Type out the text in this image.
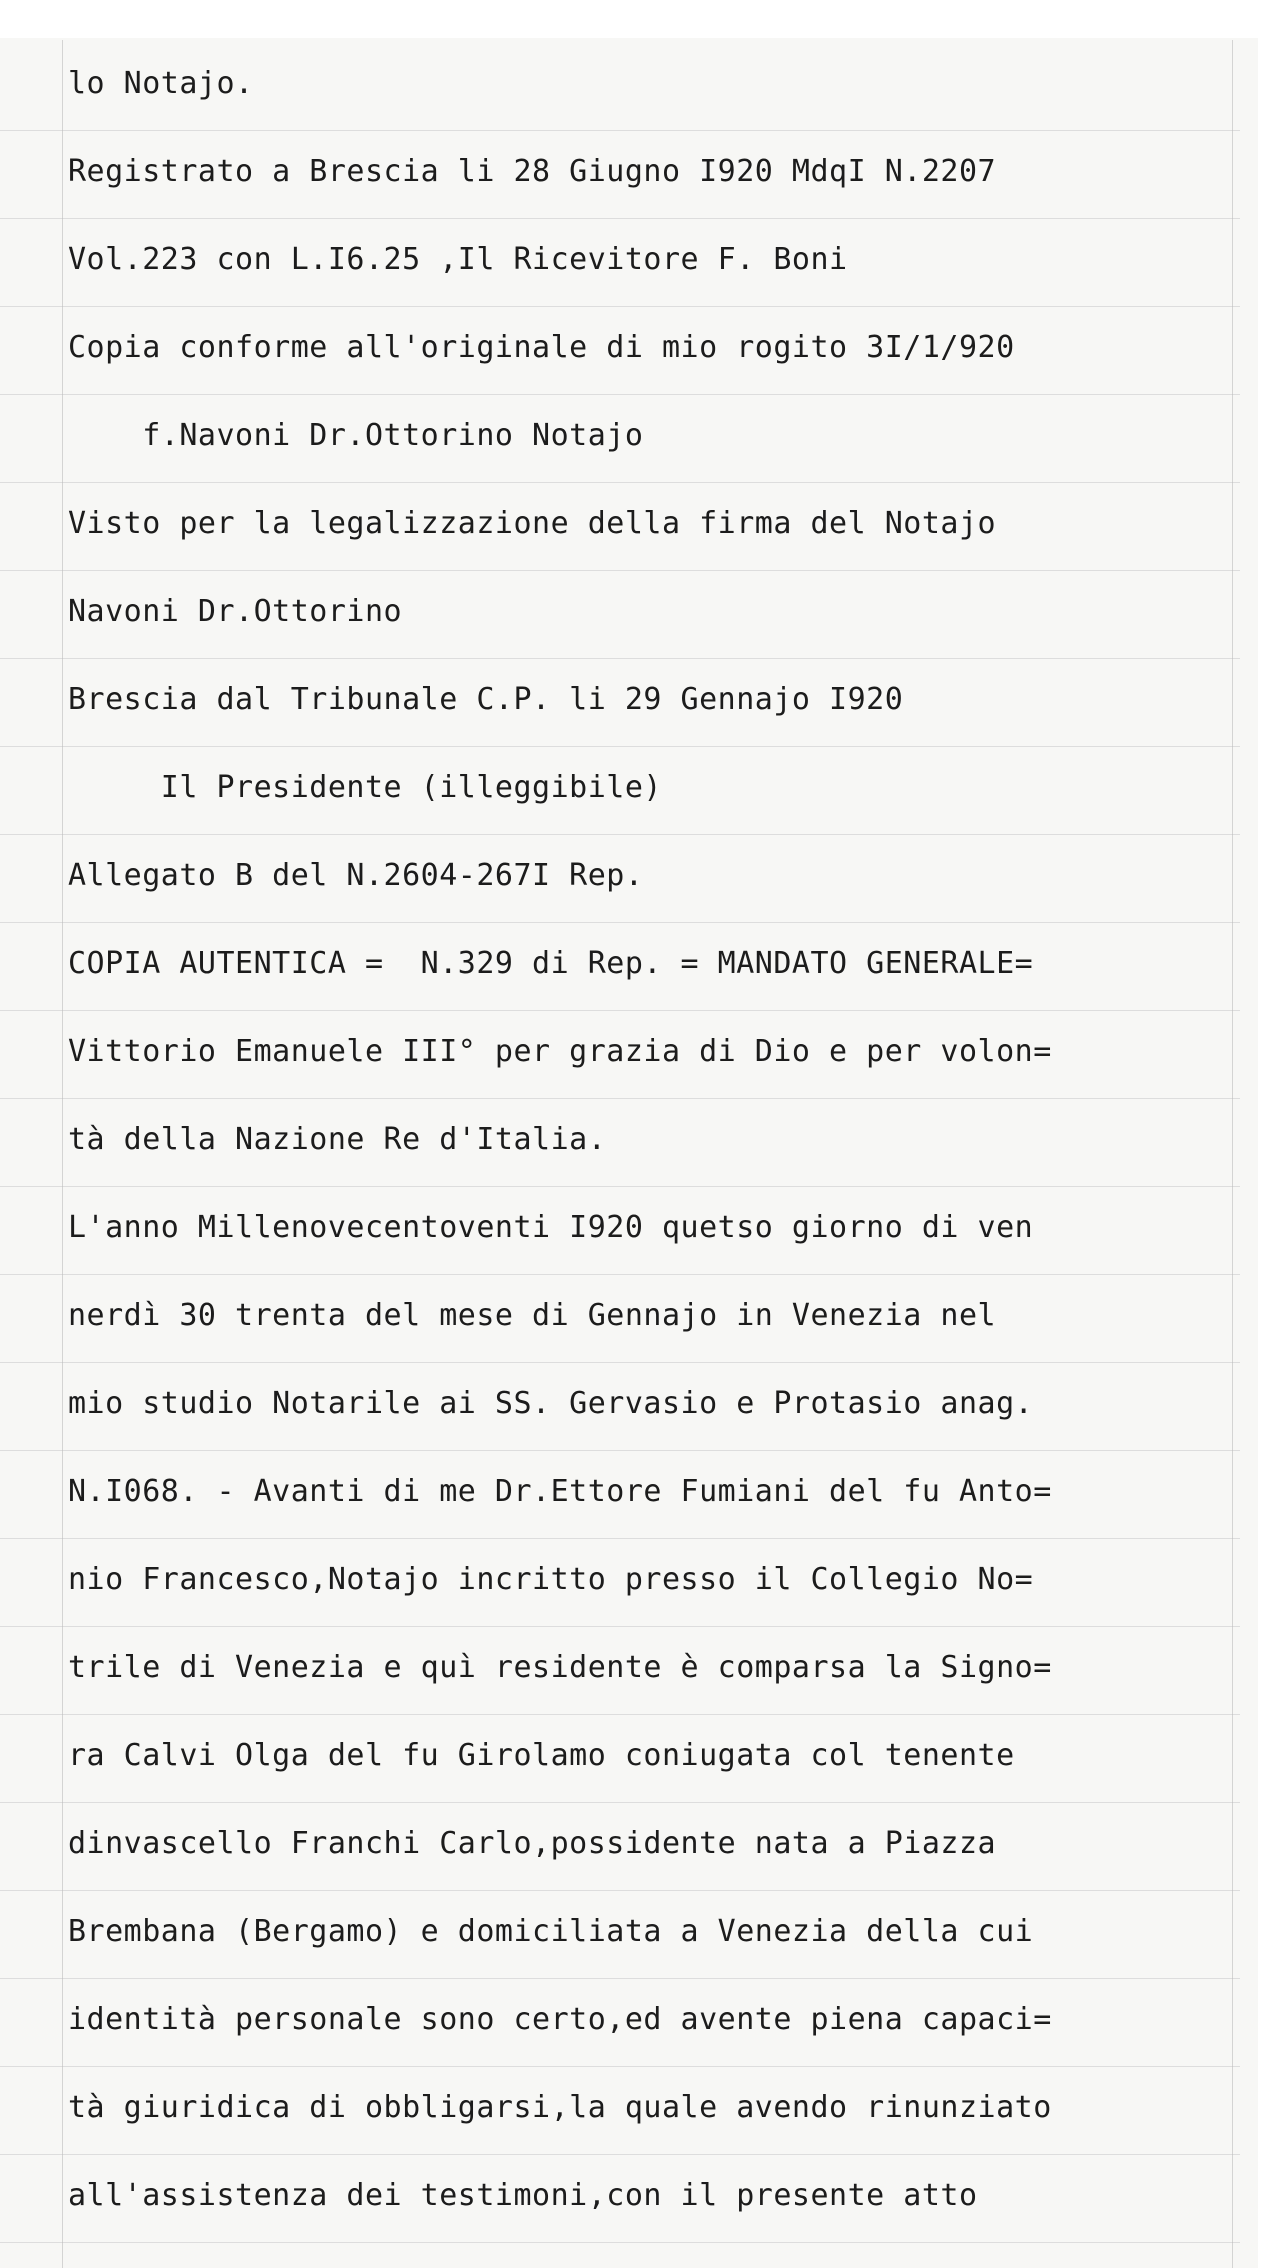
lo Notajo.
Registrato a Brescia li 28 Giugno I920 MdqI N.2207
Vol.223 con L.I6.25 ,Il Ricevitore F. Boni
Copia conforme all'originale di mio rogito 3I/1/920
f.Navoni Dr.Ottorino Notajo
Visto per la legalizzazione della firma del Notajo
Navoni Dr.Ottorino
Brescia dal Tribunale C.P. li 29 Gennajo I920
Il Presidente (illeggibile)
Allegato B del N.2604-267I Rep.
COPIA AUTENTICA =  N.329 di Rep. = MANDATO GENERALE=
Vittorio Emanuele III° per grazia di Dio e per volon=
tà della Nazione Re d'Italia.
L'anno Millenovecentoventi I920 quetso giorno di ven
nerdì 30 trenta del mese di Gennajo in Venezia nel
mio studio Notarile ai SS. Gervasio e Protasio anag.
N.I068. - Avanti di me Dr.Ettore Fumiani del fu Anto=
nio Francesco,Notajo incritto presso il Collegio No=
trile di Venezia e quì residente è comparsa la Signo=
ra Calvi Olga del fu Girolamo coniugata col tenente
dinvascello Franchi Carlo,possidente nata a Piazza
Brembana (Bergamo) e domiciliata a Venezia della cui
identità personale sono certo,ed avente piena capaci=
tà giuridica di obbligarsi,la quale avendo rinunziato
all'assistenza dei testimoni,con il presente atto
